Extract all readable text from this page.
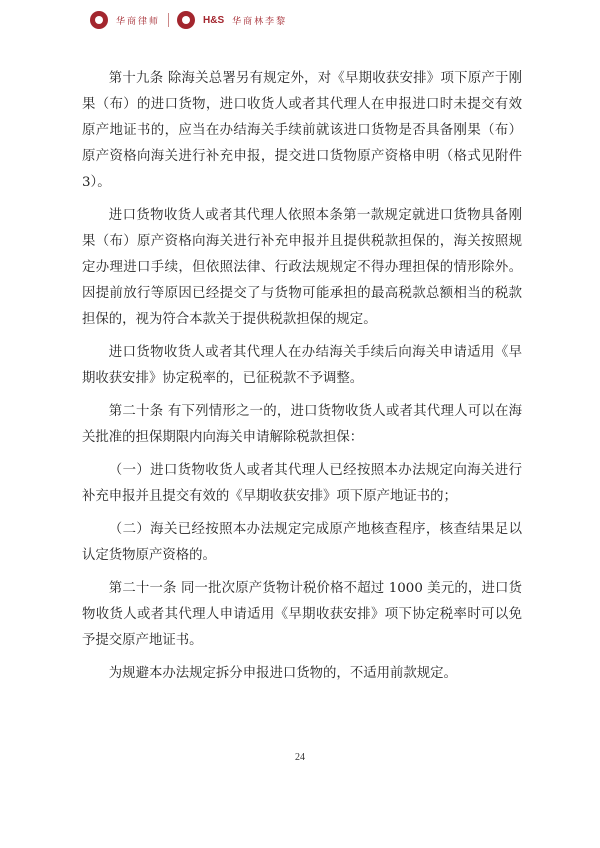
华商律师	H&S 华商林李黎

第十九条 除海关总署另有规定外，对《早期收获安排》项下原产于刚果（布）的进口货物，进口收货人或者其代理人在申报进口时未提交有效原产地证书的，应当在办结海关手续前就该进口货物是否具备刚果（布）原产资格向海关进行补充申报，提交进口货物原产资格申明（格式见附件 3）。

进口货物收货人或者其代理人依照本条第一款规定就进口货物具备刚果（布）原产资格向海关进行补充申报并且提供税款担保的，海关按照规定办理进口手续，但依照法律、行政法规规定不得办理担保的情形除外。因提前放行等原因已经提交了与货物可能承担的最高税款总额相当的税款担保的，视为符合本款关于提供税款担保的规定。

进口货物收货人或者其代理人在办结海关手续后向海关申请适用《早期收获安排》协定税率的，已征税款不予调整。

第二十条 有下列情形之一的，进口货物收货人或者其代理人可以在海关批准的担保期限内向海关申请解除税款担保：

（一）进口货物收货人或者其代理人已经按照本办法规定向海关进行补充申报并且提交有效的《早期收获安排》项下原产地证书的；

（二）海关已经按照本办法规定完成原产地核查程序，核查结果足以认定货物原产资格的。

第二十一条 同一批次原产货物计税价格不超过 1000 美元的，进口货物收货人或者其代理人申请适用《早期收获安排》项下协定税率时可以免予提交原产地证书。

为规避本办法规定拆分申报进口货物的，不适用前款规定。

24
